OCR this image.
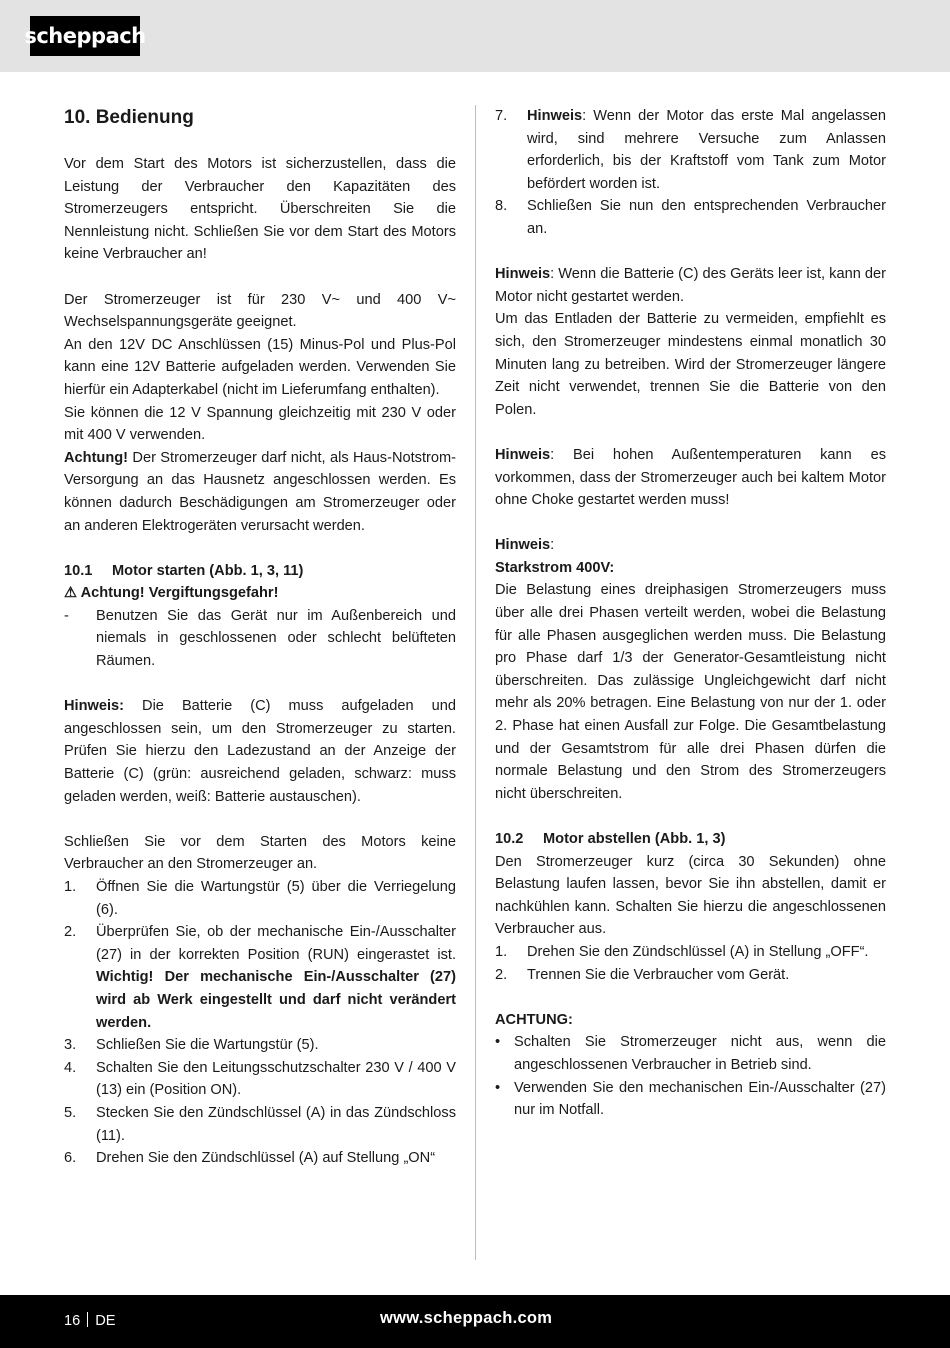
scheppach
10. Bedienung

Vor dem Start des Motors ist sicherzustellen, dass die Leistung der Verbraucher den Kapazitäten des Stromerzeugers entspricht. Überschreiten Sie die Nennleistung nicht. Schließen Sie vor dem Start des Motors keine Verbraucher an!

Der Stromerzeuger ist für 230 V~ und 400 V~ Wechselspannungsgeräte geeignet.

An den 12V DC Anschlüssen (15) Minus-Pol und Plus-Pol kann eine 12V Batterie aufgeladen werden. Verwenden Sie hierfür ein Adapterkabel (nicht im Lieferumfang enthalten).

Sie können die 12 V Spannung gleichzeitig mit 230 V oder mit 400 V verwenden.

Achtung! Der Stromerzeuger darf nicht, als Haus-Notstrom-Versorgung an das Hausnetz angeschlossen werden. Es können dadurch Beschädigungen am Stromerzeuger oder an anderen Elektrogeräten verursacht werden.

10.1 Motor starten (Abb. 1, 3, 11)
⚠ Achtung! Vergiftungsgefahr!
-	Benutzen Sie das Gerät nur im Außenbereich und niemals in geschlossenen oder schlecht belüfteten Räumen.

Hinweis: Die Batterie (C) muss aufgeladen und angeschlossen sein, um den Stromerzeuger zu starten. Prüfen Sie hierzu den Ladezustand an der Anzeige der Batterie (C) (grün: ausreichend geladen, schwarz: muss geladen werden, weiß: Batterie austauschen).

Schließen Sie vor dem Starten des Motors keine Verbraucher an den Stromerzeuger an.

1.	Öffnen Sie die Wartungstür (5) über die Verriegelung (6).
2.	Überprüfen Sie, ob der mechanische Ein-/Ausschalter (27) in der korrekten Position (RUN) eingerastet ist. Wichtig! Der mechanische Ein-/Ausschalter (27) wird ab Werk eingestellt und darf nicht verändert werden.
3.	Schließen Sie die Wartungstür (5).
4.	Schalten Sie den Leitungsschutzschalter 230 V / 400 V (13) ein (Position ON).
5.	Stecken Sie den Zündschlüssel (A) in das Zündschloss (11).
6.	Drehen Sie den Zündschlüssel (A) auf Stellung „ON“
7.	Hinweis: Wenn der Motor das erste Mal angelassen wird, sind mehrere Versuche zum Anlassen erforderlich, bis der Kraftstoff vom Tank zum Motor befördert worden ist.
8.	Schließen Sie nun den entsprechenden Verbraucher an.

Hinweis: Wenn die Batterie (C) des Geräts leer ist, kann der Motor nicht gestartet werden.

Um das Entladen der Batterie zu vermeiden, empfiehlt es sich, den Stromerzeuger mindestens einmal monatlich 30 Minuten lang zu betreiben. Wird der Stromerzeuger längere Zeit nicht verwendet, trennen Sie die Batterie von den Polen.

Hinweis: Bei hohen Außentemperaturen kann es vorkommen, dass der Stromerzeuger auch bei kaltem Motor ohne Choke gestartet werden muss!

Hinweis:

Starkstrom 400V:

Die Belastung eines dreiphasigen Stromerzeugers muss über alle drei Phasen verteilt werden, wobei die Belastung für alle Phasen ausgeglichen werden muss. Die Belastung pro Phase darf 1/3 der Generator-Gesamtleistung nicht überschreiten. Das zulässige Ungleichgewicht darf nicht mehr als 20% betragen. Eine Belastung von nur der 1. oder 2. Phase hat einen Ausfall zur Folge. Die Gesamtbelastung und der Gesamtstrom für alle drei Phasen dürfen die normale Belastung und den Strom des Stromerzeugers nicht überschreiten.

10.2 Motor abstellen (Abb. 1, 3)

Den Stromerzeuger kurz (circa 30 Sekunden) ohne Belastung laufen lassen, bevor Sie ihn abstellen, damit er nachkühlen kann. Schalten Sie hierzu die angeschlossenen Verbraucher aus.

1.	Drehen Sie den Zündschlüssel (A) in Stellung „OFF“.
2.	Trennen Sie die Verbraucher vom Gerät.

ACHTUNG:

• Schalten Sie Stromerzeuger nicht aus, wenn die angeschlossenen Verbraucher in Betrieb sind.
• Verwenden Sie den mechanischen Ein-/Ausschalter (27) nur im Notfall.
16 DE	www.scheppach.com
